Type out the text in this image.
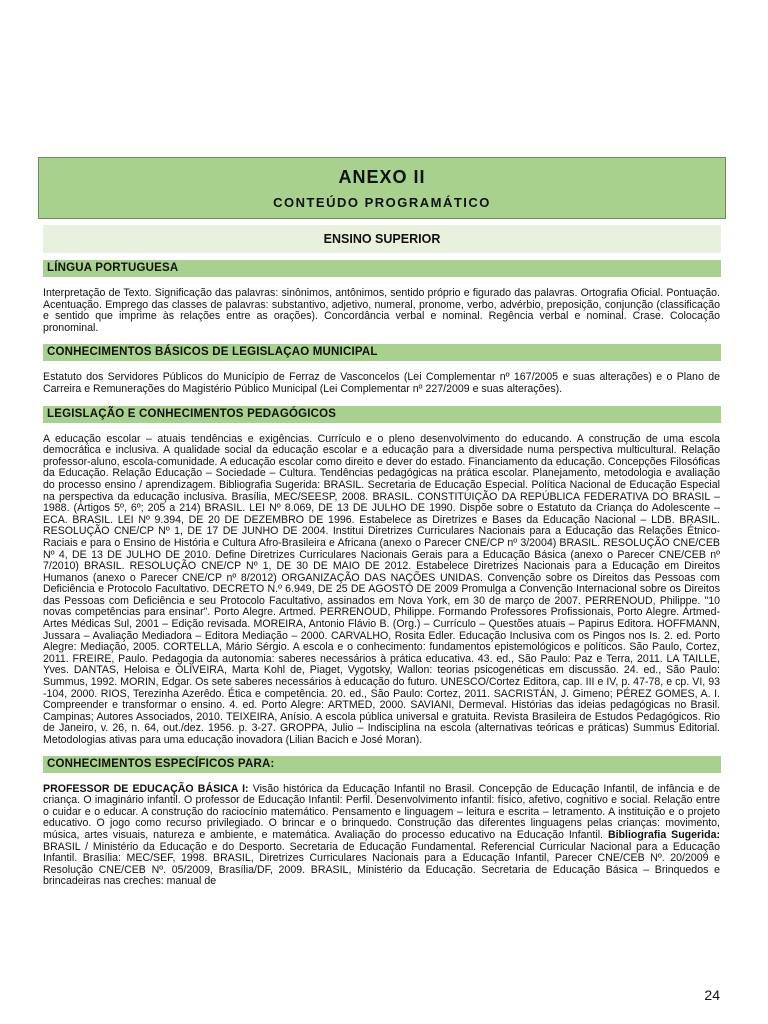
ANEXO II
CONTEÚDO PROGRAMÁTICO
ENSINO SUPERIOR
LÍNGUA PORTUGUESA
Interpretação de Texto. Significação das palavras: sinônimos, antônimos, sentido próprio e figurado das palavras. Ortografia Oficial. Pontuação. Acentuação. Emprego das classes de palavras: substantivo, adjetivo, numeral, pronome, verbo, advérbio, preposição, conjunção (classificação e sentido que imprime às relações entre as orações). Concordância verbal e nominal. Regência verbal e nominal. Crase. Colocação pronominal.
CONHECIMENTOS BÁSICOS DE LEGISLAÇAO MUNICIPAL
Estatuto dos Servidores Públicos do Município de Ferraz de Vasconcelos (Lei Complementar nº 167/2005 e suas alterações) e o Plano de Carreira e Remunerações do Magistério Público Municipal (Lei Complementar nº 227/2009 e suas alterações).
LEGISLAÇÃO E CONHECIMENTOS PEDAGÓGICOS
A educação escolar – atuais tendências e exigências. Currículo e o pleno desenvolvimento do educando. A construção de uma escola democrática e inclusiva. A qualidade social da educação escolar e a educação para a diversidade numa perspectiva multicultural. Relação professor-aluno, escola-comunidade. A educação escolar como direito e dever do estado. Financiamento da educação. Concepções Filosóficas da Educação. Relação Educação – Sociedade – Cultura. Tendências pedagógicas na prática escolar. Planejamento, metodologia e avaliação do processo ensino / aprendizagem. Bibliografia Sugerida: BRASIL. Secretaria de Educação Especial. Política Nacional de Educação Especial na perspectiva da educação inclusiva. Brasília, MEC/SEESP, 2008. BRASIL. CONSTITUIÇÃO DA REPÚBLICA FEDERATIVA DO BRASIL – 1988. (Artigos 5º, 6º; 205 a 214) BRASIL. LEI Nº 8.069, DE 13 DE JULHO DE 1990. Dispõe sobre o Estatuto da Criança do Adolescente – ECA. BRASIL. LEI Nº 9.394, DE 20 DE DEZEMBRO DE 1996. Estabelece as Diretrizes e Bases da Educação Nacional – LDB. BRASIL. RESOLUÇÃO CNE/CP Nº 1, DE 17 DE JUNHO DE 2004. Institui Diretrizes Curriculares Nacionais para a Educação das Relações Étnico-Raciais e para o Ensino de História e Cultura Afro-Brasileira e Africana (anexo o Parecer CNE/CP nº 3/2004) BRASIL. RESOLUÇÃO CNE/CEB Nº 4, DE 13 DE JULHO DE 2010. Define Diretrizes Curriculares Nacionais Gerais para a Educação Básica (anexo o Parecer CNE/CEB nº 7/2010) BRASIL. RESOLUÇÃO CNE/CP Nº 1, DE 30 DE MAIO DE 2012. Estabelece Diretrizes Nacionais para a Educação em Direitos Humanos (anexo o Parecer CNE/CP nº 8/2012) ORGANIZAÇÃO DAS NAÇÕES UNIDAS. Convenção sobre os Direitos das Pessoas com Deficiência e Protocolo Facultativo. DECRETO N.º 6.949, DE 25 DE AGOSTO DE 2009 Promulga a Convenção Internacional sobre os Direitos das Pessoas com Deficiência e seu Protocolo Facultativo, assinados em Nova York, em 30 de março de 2007. PERRENOUD, Philippe. "10 novas competências para ensinar". Porto Alegre. Artmed. PERRENOUD, Philippe. Formando Professores Profissionais, Porto Alegre. Artmed-Artes Médicas Sul, 2001 – Edição revisada. MOREIRA, Antonio Flávio B. (Org.) – Currículo – Questões atuais – Papirus Editora. HOFFMANN, Jussara – Avaliação Mediadora – Editora Mediação – 2000. CARVALHO, Rosita Edler. Educação Inclusiva com os Pingos nos Is. 2. ed. Porto Alegre: Mediação, 2005. CORTELLA, Mário Sérgio. A escola e o conhecimento: fundamentos epistemológicos e políticos. São Paulo, Cortez, 2011. FREIRE, Paulo. Pedagogia da autonomia: saberes necessários à prática educativa. 43. ed., São Paulo: Paz e Terra, 2011. LA TAILLE, Yves. DANTAS, Heloisa e OLIVEIRA, Marta Kohl de, Piaget, Vygotsky, Wallon: teorias psicogenéticas em discussão. 24. ed., São Paulo: Summus, 1992. MORIN, Edgar. Os sete saberes necessários à educação do futuro. UNESCO/Cortez Editora, cap. III e IV, p. 47-78, e cp. VI, 93 -104, 2000. RIOS, Terezinha Azerêdo. Ética e competência. 20. ed., São Paulo: Cortez, 2011. SACRISTÁN, J. Gimeno; PÉREZ GOMES, A. I. Compreender e transformar o ensino. 4. ed. Porto Alegre: ARTMED, 2000. SAVIANI, Dermeval. Histórias das ideias pedagógicas no Brasil. Campinas; Autores Associados, 2010. TEIXEIRA, Anísio. A escola pública universal e gratuita. Revista Brasileira de Estudos Pedagógicos. Rio de Janeiro, v. 26, n. 64, out./dez. 1956. p. 3-27. GROPPA, Julio – Indisciplina na escola (alternativas teóricas e práticas) Summus Editorial. Metodologias ativas para uma educação inovadora (Lilian Bacich e José Moran).
CONHECIMENTOS ESPECÍFICOS PARA:
PROFESSOR DE EDUCAÇÃO BÁSICA I: Visão histórica da Educação Infantil no Brasil. Concepção de Educação Infantil, de infância e de criança. O imaginário infantil. O professor de Educação Infantil: Perfil. Desenvolvimento infantil: físico, afetivo, cognitivo e social. Relação entre o cuidar e o educar. A construção do raciocínio matemático. Pensamento e linguagem – leitura e escrita – letramento. A instituição e o projeto educativo. O jogo como recurso privilegiado. O brincar e o brinquedo. Construção das diferentes linguagens pelas crianças: movimento, música, artes visuais, natureza e ambiente, e matemática. Avaliação do processo educativo na Educação Infantil. Bibliografia Sugerida: BRASIL / Ministério da Educação e do Desporto. Secretaria de Educação Fundamental. Referencial Curricular Nacional para a Educação Infantil. Brasília: MEC/SEF, 1998. BRASIL, Diretrizes Curriculares Nacionais para a Educação Infantil, Parecer CNE/CEB Nº. 20/2009 e Resolução CNE/CEB Nº. 05/2009, Brasília/DF, 2009. BRASIL, Ministério da Educação. Secretaria de Educação Básica – Brinquedos e brincadeiras nas creches: manual de
24
